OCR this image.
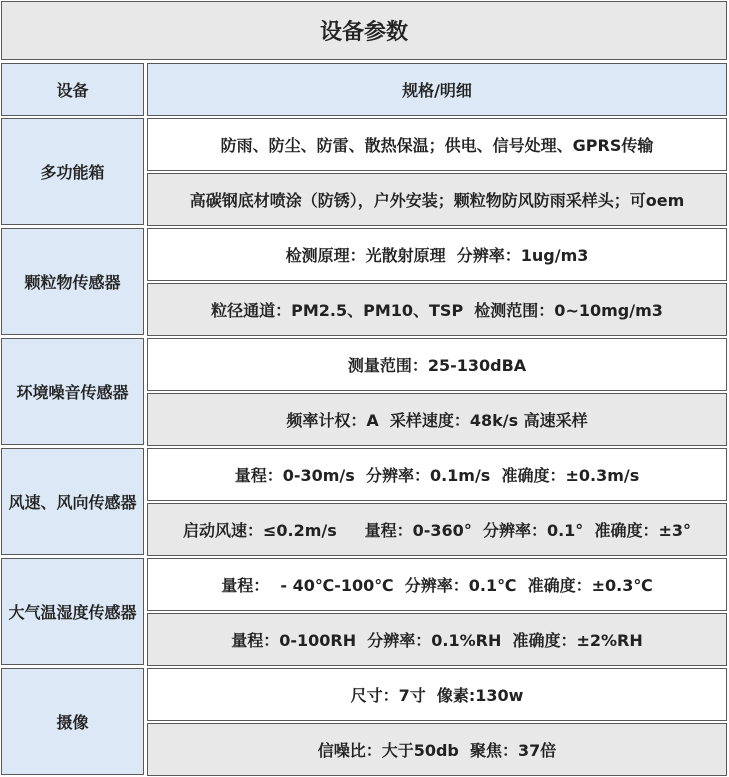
设备参数
设备	规格/明细
多功能箱
防雨、防尘、防雷、散热保温；供电、信号处理、GPRS传输
高碳钢底材喷涂（防锈），户外安装；颗粒物防风防雨采样头；可oem
颗粒物传感器
检测原理：光散射原理  分辨率：1ug/m3
粒径通道：PM2.5、PM10、TSP  检测范围：0~10mg/m3
环境噪音传感器
测量范围：25-130dBA
频率计权：A  采样速度：48k/s 高速采样
风速、风向传感器
量程：0-30m/s  分辨率：0.1m/s  准确度：±0.3m/s
启动风速：≤0.2m/s     量程：0-360°  分辨率：0.1°  准确度：±3°
大气温湿度传感器
量程：  - 40℃-100℃  分辨率：0.1℃  准确度：±0.3℃
量程：0-100RH  分辨率：0.1%RH  准确度：±2%RH
摄像
尺寸：7寸  像素:130w
信噪比：大于50db  聚焦：37倍
